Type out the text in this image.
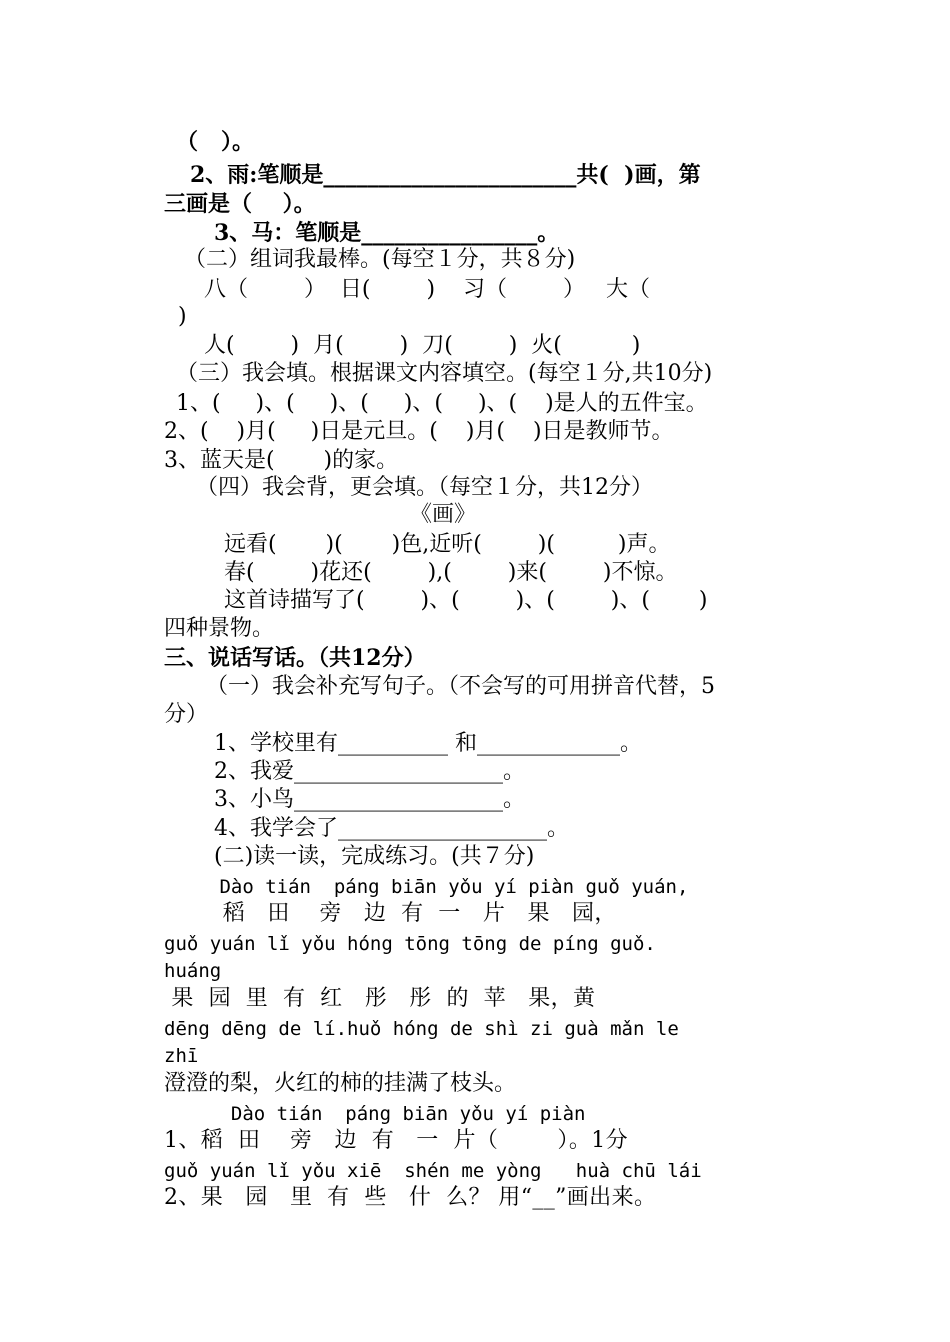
（   ）。
2、雨:笔顺是_______________________共(  )画，第
三画是（    ）。
3、马：笔顺是________________。
（二）组词我最棒。(每空１分，共８分)
八（        ）  日(        )    习（        ）   大（
)
人(        )  月(        )  刀(        )  火(          )
（三）我会填。根据课文内容填空。(每空１分,共10分)
1、(     )、(     )、(     )、(     )、(    )是人的五件宝。
2、(    )月(     )日是元旦。(    )月(    )日是教师节。
3、蓝天是(       )的家。
（四）我会背，更会填。（每空１分，共12分）
《画》
远看(       )(       )色,近听(        )(         )声。
春(        )花还(        ),(        )来(        )不惊。
这首诗描写了(        )、(        )、(        )、(       )
四种景物。
三、说话写话。（共12分）
（一）我会补充写句子。（不会写的可用拼音代替，5
分）
1、学校里有__________ 和_____________。
2、我爱___________________。
3、小鸟___________________。
4、我学会了___________________。
(二)读一读，完成练习。(共７分)
Dào tián  páng biān yǒu yí piàn guǒ yuán,
稻   田    旁   边  有  一   片   果   园，
guǒ yuán lǐ yǒu hóng tōng tōng de píng guǒ.
huáng
果  园  里  有  红   彤   彤  的  苹   果，黄
dēng dēng de lí.huǒ hóng de shì zi guà mǎn le
zhī
澄澄的梨，火红的柿的挂满了枝头。
Dào tián  páng biān yǒu yí piàn
1、稻  田    旁   边  有   一  片（        ）。1分
guǒ yuán lǐ yǒu xiē  shén me yòng   huà chū lái
2、果   园   里  有  些   什  么？ 用“__”画出来。
